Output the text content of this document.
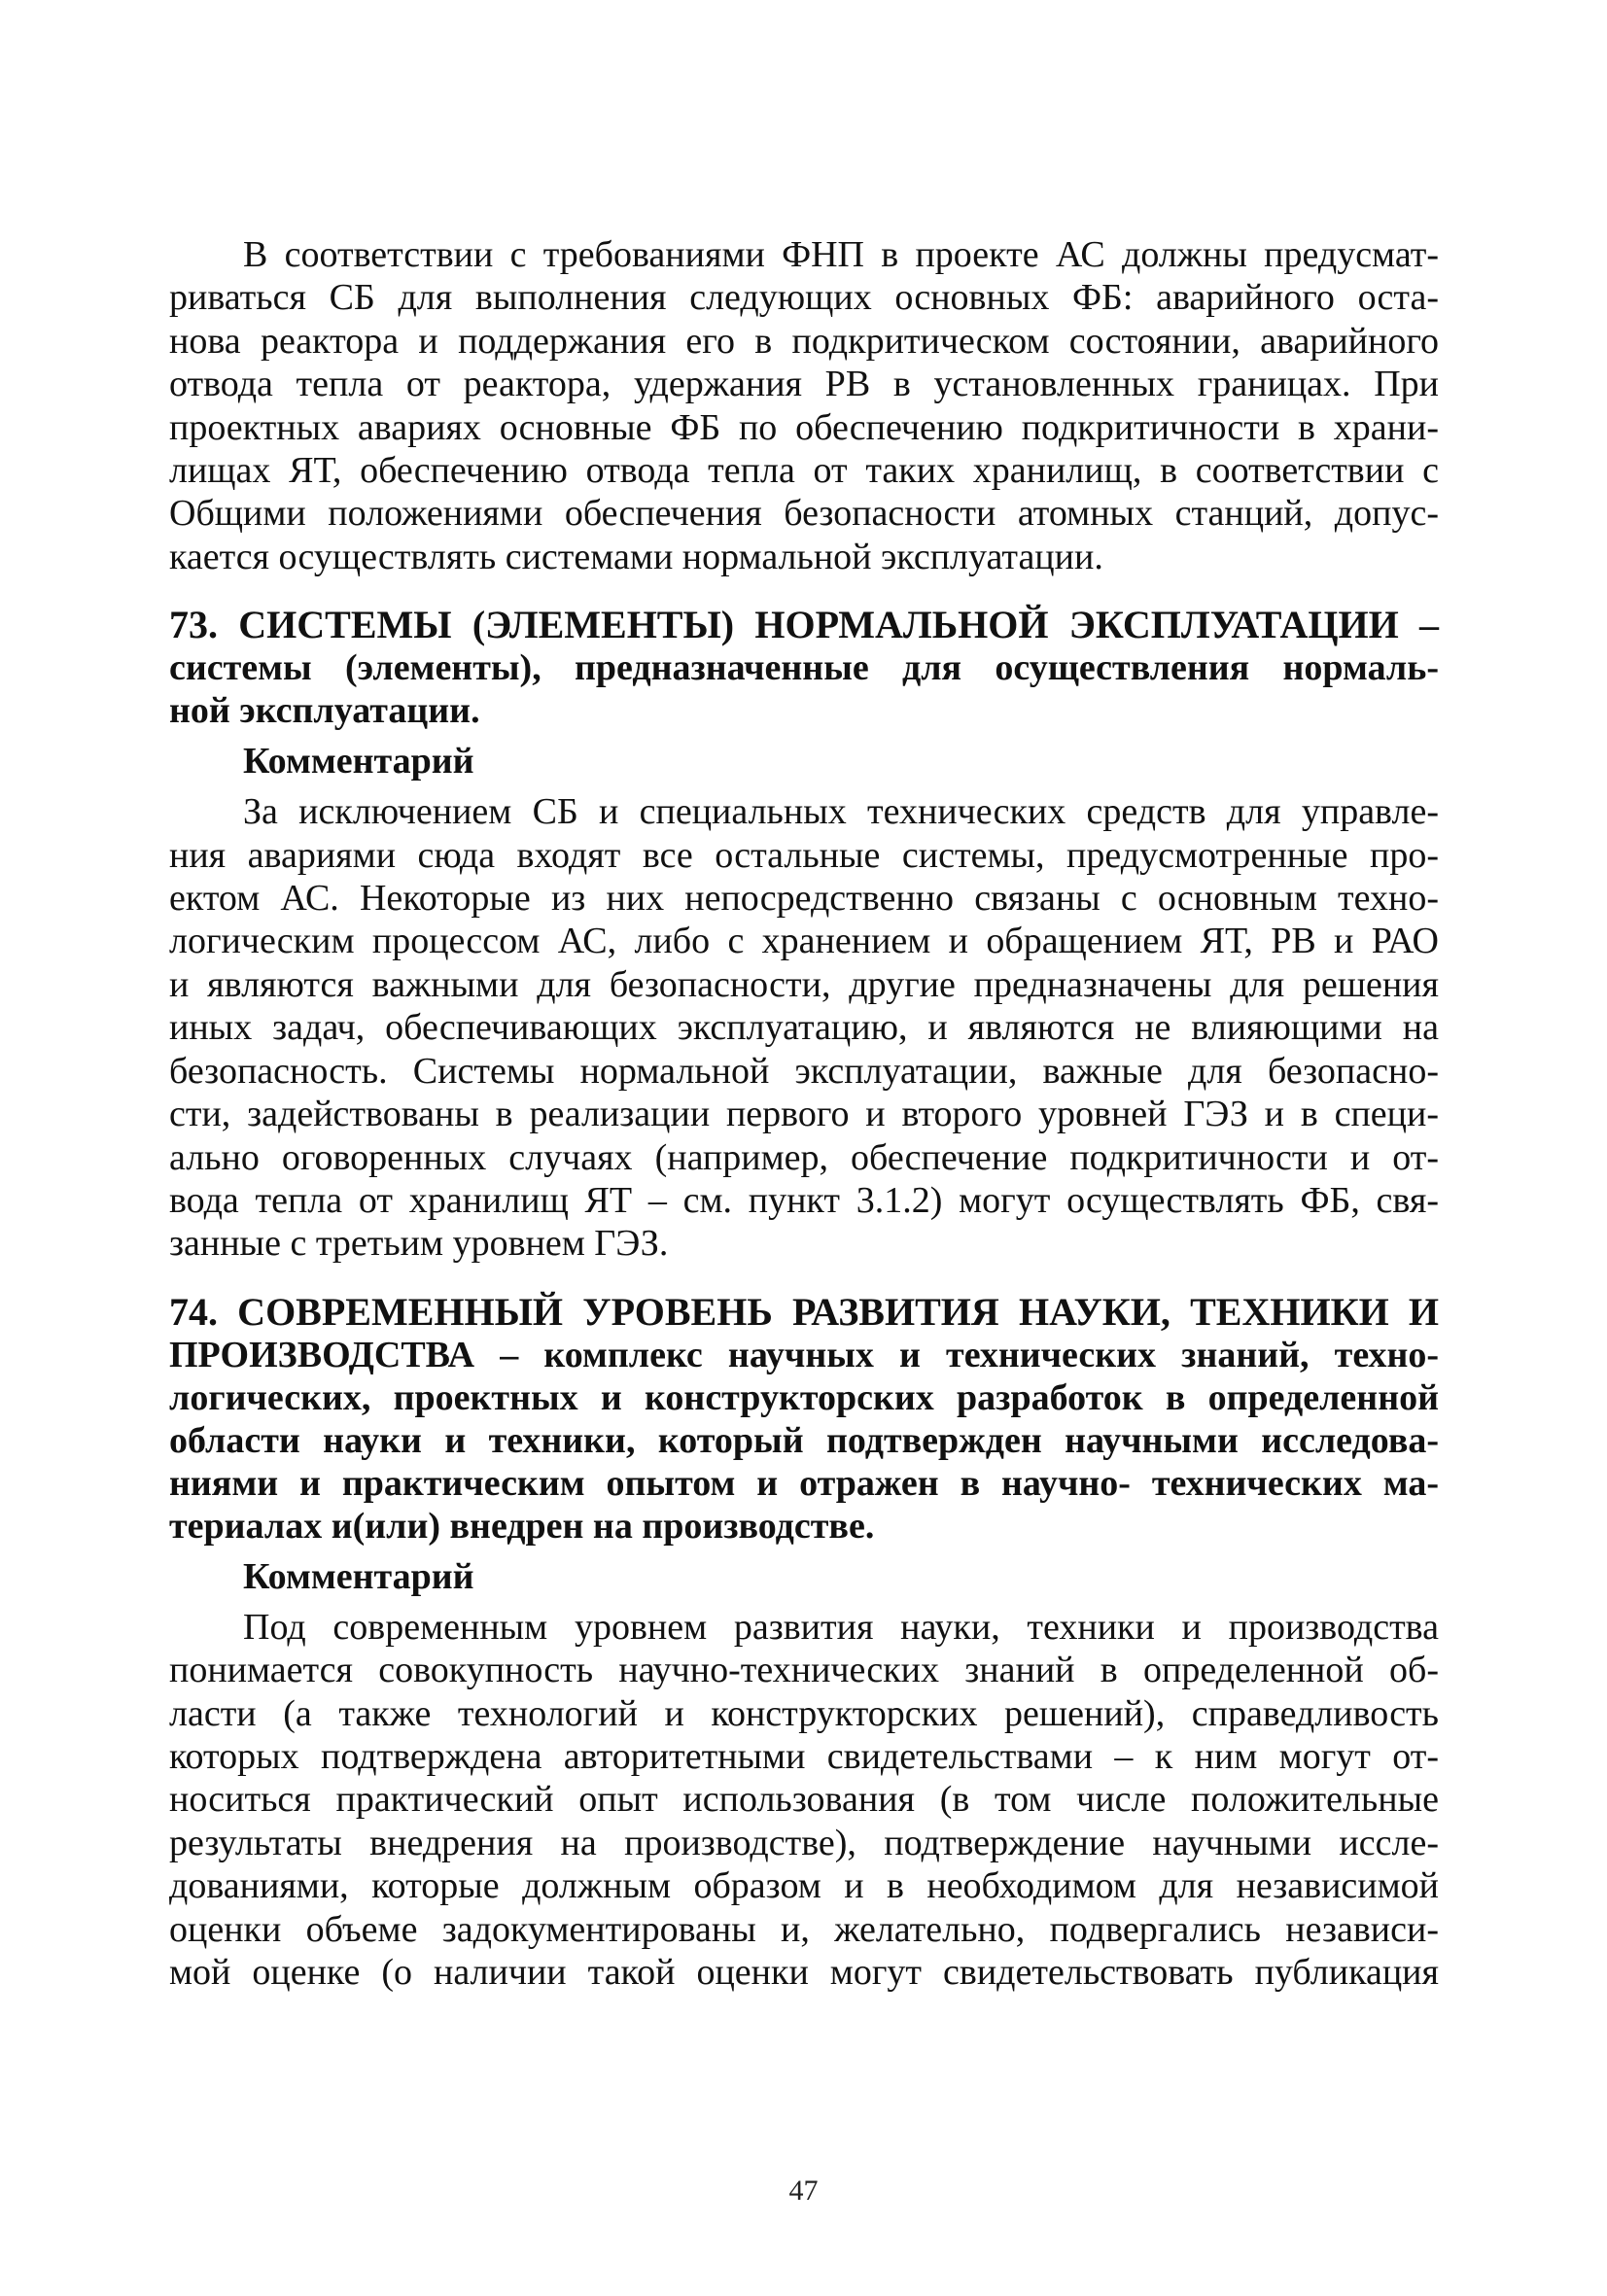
В соответствии с требованиями ФНП в проекте АС должны предусмат-
риваться СБ для выполнения следующих основных ФБ: аварийного оста-
нова реактора и поддержания его в подкритическом состоянии, аварийного
отвода тепла от реактора, удержания РВ в установленных границах. При
проектных авариях основные ФБ по обеспечению подкритичности в храни-
лищах ЯТ, обеспечению отвода тепла от таких хранилищ, в соответствии с
Общими положениями обеспечения безопасности атомных станций, допус-
кается осуществлять системами нормальной эксплуатации.
73. СИСТЕМЫ (ЭЛЕМЕНТЫ) НОРМАЛЬНОЙ ЭКСПЛУАТАЦИИ –
системы (элементы), предназначенные для осуществления нормаль-
ной эксплуатации.
Комментарий
За исключением СБ и специальных технических средств для управле-
ния авариями сюда входят все остальные системы, предусмотренные про-
ектом АС. Некоторые из них непосредственно связаны с основным техно-
логическим процессом АС, либо с хранением и обращением ЯТ, РВ и РАО
и являются важными для безопасности, другие предназначены для решения
иных задач, обеспечивающих эксплуатацию, и являются не влияющими на
безопасность. Системы нормальной эксплуатации, важные для безопасно-
сти, задействованы в реализации первого и второго уровней ГЭЗ и в специ-
ально оговоренных случаях (например, обеспечение подкритичности и от-
вода тепла от хранилищ ЯТ – см. пункт 3.1.2) могут осуществлять ФБ, свя-
занные с третьим уровнем ГЭЗ.
74. СОВРЕМЕННЫЙ УРОВЕНЬ РАЗВИТИЯ НАУКИ, ТЕХНИКИ И
ПРОИЗВОДСТВА – комплекс научных и технических знаний, техно-
логических, проектных и конструкторских разработок в определенной
области науки и техники, который подтвержден научными исследова-
ниями и практическим опытом и отражен в научно- технических ма-
териалах и(или) внедрен на производстве.
Комментарий
Под современным уровнем развития науки, техники и производства
понимается совокупность научно-технических знаний в определенной об-
ласти (а также технологий и конструкторских решений), справедливость
которых подтверждена авторитетными свидетельствами – к ним могут от-
носиться практический опыт использования (в том числе положительные
результаты внедрения на производстве), подтверждение научными иссле-
дованиями, которые должным образом и в необходимом для независимой
оценки объеме задокументированы и, желательно, подвергались независи-
мой оценке (о наличии такой оценки могут свидетельствовать публикация
47
